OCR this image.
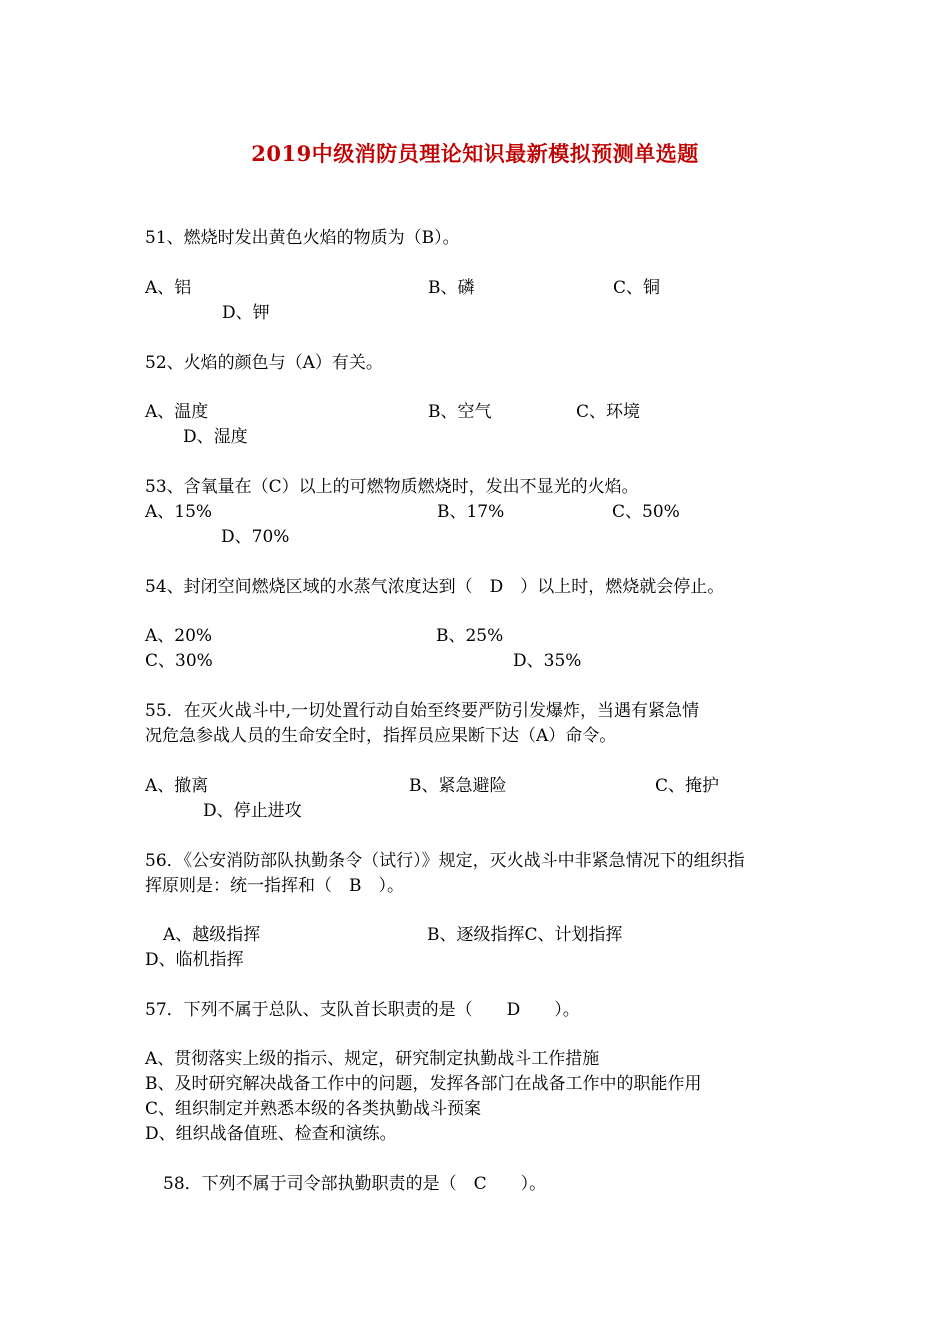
2019中级消防员理论知识最新模拟预测单选题
51、燃烧时发出黄色火焰的物质为（B）。
A、铝	B、磷	C、铜
D、钾
52、火焰的颜色与（A）有关。
A、温度	B、空气	C、环境
D、湿度
53、含氧量在（C）以上的可燃物质燃烧时，发出不显光的火焰。
A、15%	B、17%	C、50%
D、70%
54、封闭空间燃烧区域的水蒸气浓度达到（　D　）以上时，燃烧就会停止。
A、20%	B、25%
C、30%	D、35%
55．在灭火战斗中,一切处置行动自始至终要严防引发爆炸，当遇有紧急情
况危急参战人员的生命安全时，指挥员应果断下达（A）命令。
A、撤离	B、紧急避险	C、掩护
D、停止进攻
56．《公安消防部队执勤条令（试行）》规定，灭火战斗中非紧急情况下的组织指
挥原则是：统一指挥和（　B　）。
A、越级指挥	B、逐级指挥C、计划指挥
D、临机指挥
57．下列不属于总队、支队首长职责的是（　　D　　）。
A、贯彻落实上级的指示、规定，研究制定执勤战斗工作措施
B、及时研究解决战备工作中的问题，发挥各部门在战备工作中的职能作用
C、组织制定并熟悉本级的各类执勤战斗预案
D、组织战备值班、检查和演练。
58．下列不属于司令部执勤职责的是（　C　　）。
